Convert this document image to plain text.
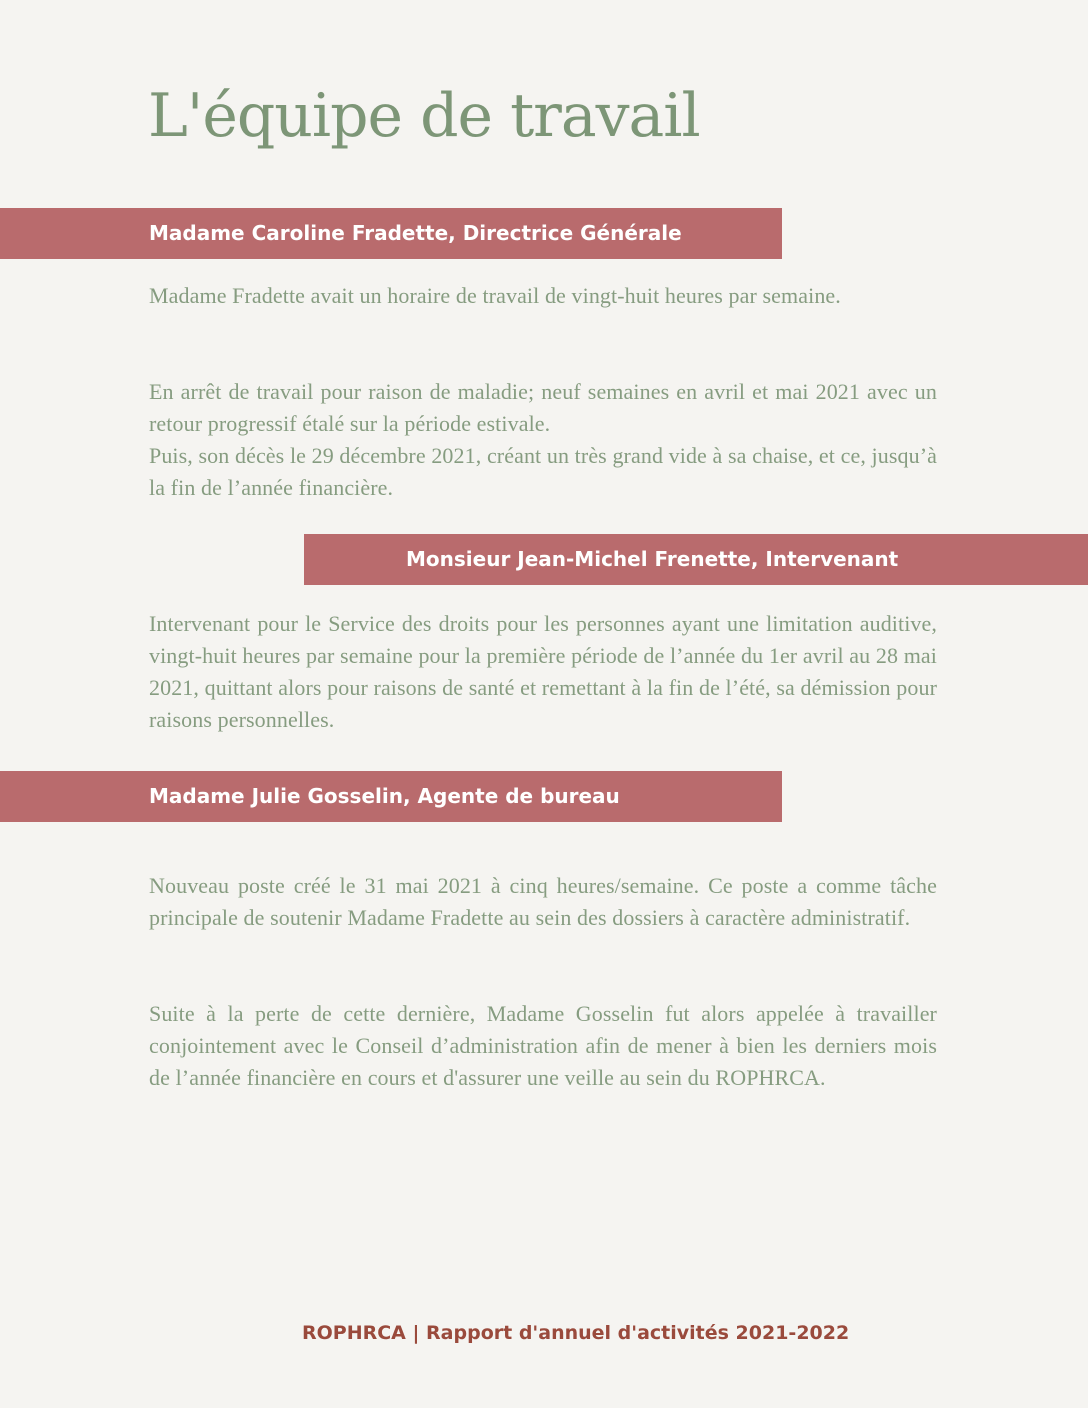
L'équipe de travail
Madame Caroline Fradette, Directrice Générale

Madame Fradette avait un horaire de travail de vingt-huit heures par semaine.

En arrêt de travail pour raison de maladie; neuf semaines en avril et mai 2021 avec un retour progressif étalé sur la période estivale.

Puis, son décès le 29 décembre 2021, créant un très grand vide à sa chaise, et ce, jusqu’à la fin de l’année financière.

Monsieur Jean-Michel Frenette, Intervenant

Intervenant pour le Service des droits pour les personnes ayant une limitation auditive, vingt-huit heures par semaine pour la première période de l’année du 1er avril au 28 mai 2021, quittant alors pour raisons de santé et remettant à la fin de l’été, sa démission pour raisons personnelles.

Madame Julie Gosselin, Agente de bureau

Nouveau poste créé le 31 mai 2021 à cinq heures/semaine. Ce poste a comme tâche principale de soutenir Madame Fradette au sein des dossiers à caractère administratif.

Suite à la perte de cette dernière, Madame Gosselin fut alors appelée à travailler conjointement avec le Conseil d’administration afin de mener à bien les derniers mois de l’année financière en cours et d'assurer une veille au sein du ROPHRCA.

ROPHRCA | Rapport d'annuel d'activités 2021-2022
